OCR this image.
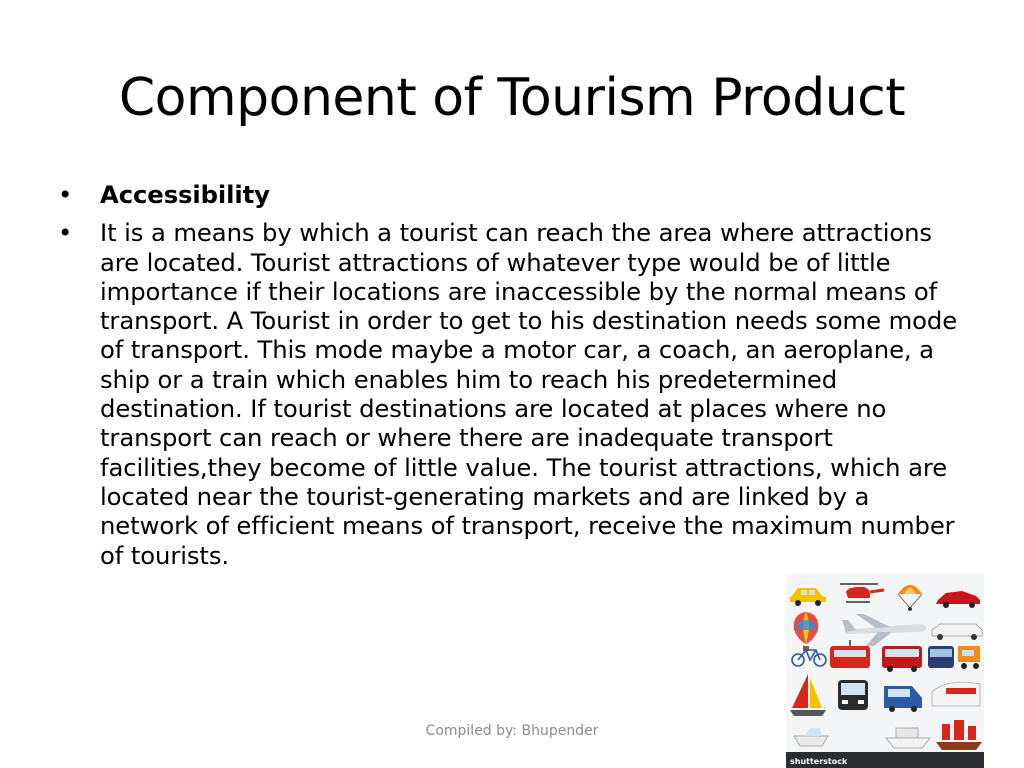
Component of Tourism Product
• Accessibility
• It is a means by which a tourist can reach the area where attractions are located. Tourist attractions of whatever type would be of little importance if their locations are inaccessible by the normal means of transport. A Tourist in order to get to his destination needs some mode of transport. This mode maybe a motor car, a coach, an aeroplane, a ship or a train which enables him to reach his predetermined destination. If tourist destinations are located at places where no transport can reach or where there are inadequate transport facilities,they become of little value. The tourist attractions, which are located near the tourist-generating markets and are linked by a network of efficient means of transport, receive the maximum number of tourists.
Compiled by: Bhupender
shutterstock
